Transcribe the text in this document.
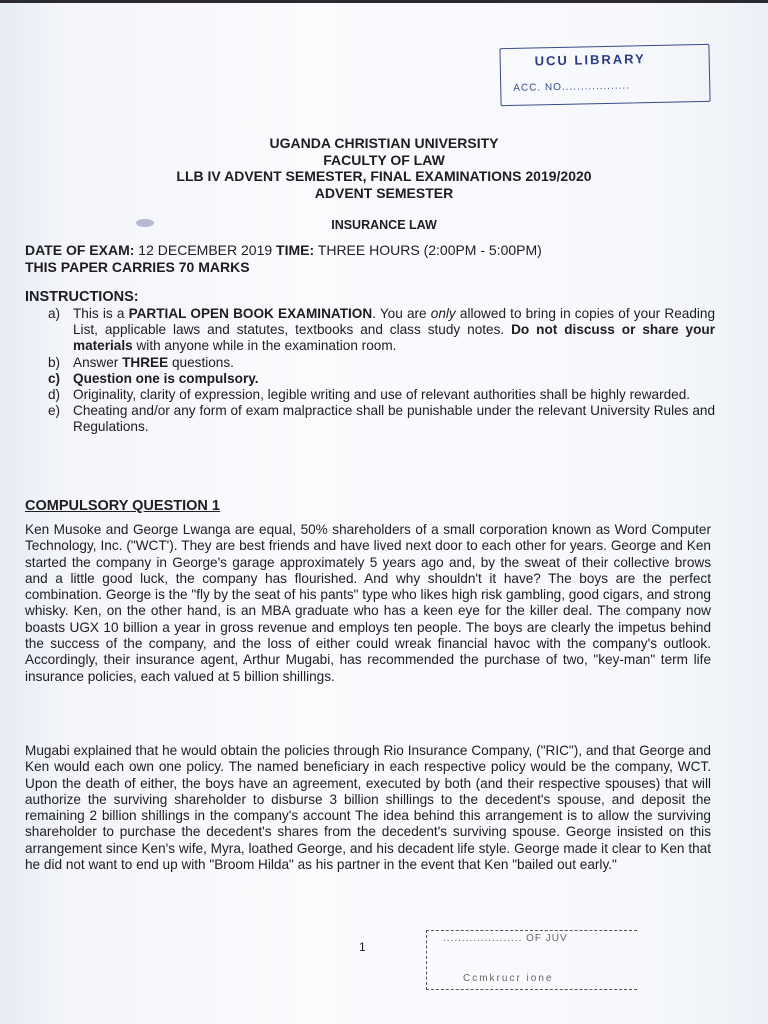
UCU LIBRARY
ACC. NO..................

UGANDA CHRISTIAN UNIVERSITY

FACULTY OF LAW

LLB IV ADVENT SEMESTER, FINAL EXAMINATIONS 2019/2020

ADVENT SEMESTER

INSURANCE LAW

DATE OF EXAM: 12 DECEMBER 2019 TIME: THREE HOURS (2:00PM - 5:00PM)
THIS PAPER CARRIES 70 MARKS

INSTRUCTIONS:

a) This is a PARTIAL OPEN BOOK EXAMINATION. You are only allowed to bring in copies of your Reading List, applicable laws and statutes, textbooks and class study notes. Do not discuss or share your materials with anyone while in the examination room.
b) Answer THREE questions.
c) Question one is compulsory.
d) Originality, clarity of expression, legible writing and use of relevant authorities shall be highly rewarded.
e) Cheating and/or any form of exam malpractice shall be punishable under the relevant University Rules and Regulations.
COMPULSORY QUESTION 1

Ken Musoke and George Lwanga are equal, 50% shareholders of a small corporation known as Word Computer Technology, Inc. ("WCT'). They are best friends and have lived next door to each other for years. George and Ken started the company in George's garage approximately 5 years ago and, by the sweat of their collective brows and a little good luck, the company has flourished. And why shouldn't it have? The boys are the perfect combination. George is the "fly by the seat of his pants" type who likes high risk gambling, good cigars, and strong whisky. Ken, on the other hand, is an MBA graduate who has a keen eye for the killer deal. The company now boasts UGX 10 billion a year in gross revenue and employs ten people. The boys are clearly the impetus behind the success of the company, and the loss of either could wreak financial havoc with the company's outlook. Accordingly, their insurance agent, Arthur Mugabi, has recommended the purchase of two, "key-man" term life insurance policies, each valued at 5 billion shillings.

Mugabi explained that he would obtain the policies through Rio Insurance Company, ("RIC"), and that George and Ken would each own one policy. The named beneficiary in each respective policy would be the company, WCT. Upon the death of either, the boys have an agreement, executed by both (and their respective spouses) that will authorize the surviving shareholder to disburse 3 billion shillings to the decedent's spouse, and deposit the remaining 2 billion shillings in the company's account The idea behind this arrangement is to allow the surviving shareholder to purchase the decedent's shares from the decedent's surviving spouse. George insisted on this arrangement since Ken's wife, Myra, loathed George, and his decadent life style. George made it clear to Ken that he did not want to end up with "Broom Hilda" as his partner in the event that Ken "bailed out early."

1
..................... OF JUV
Ccmkrucr ione
